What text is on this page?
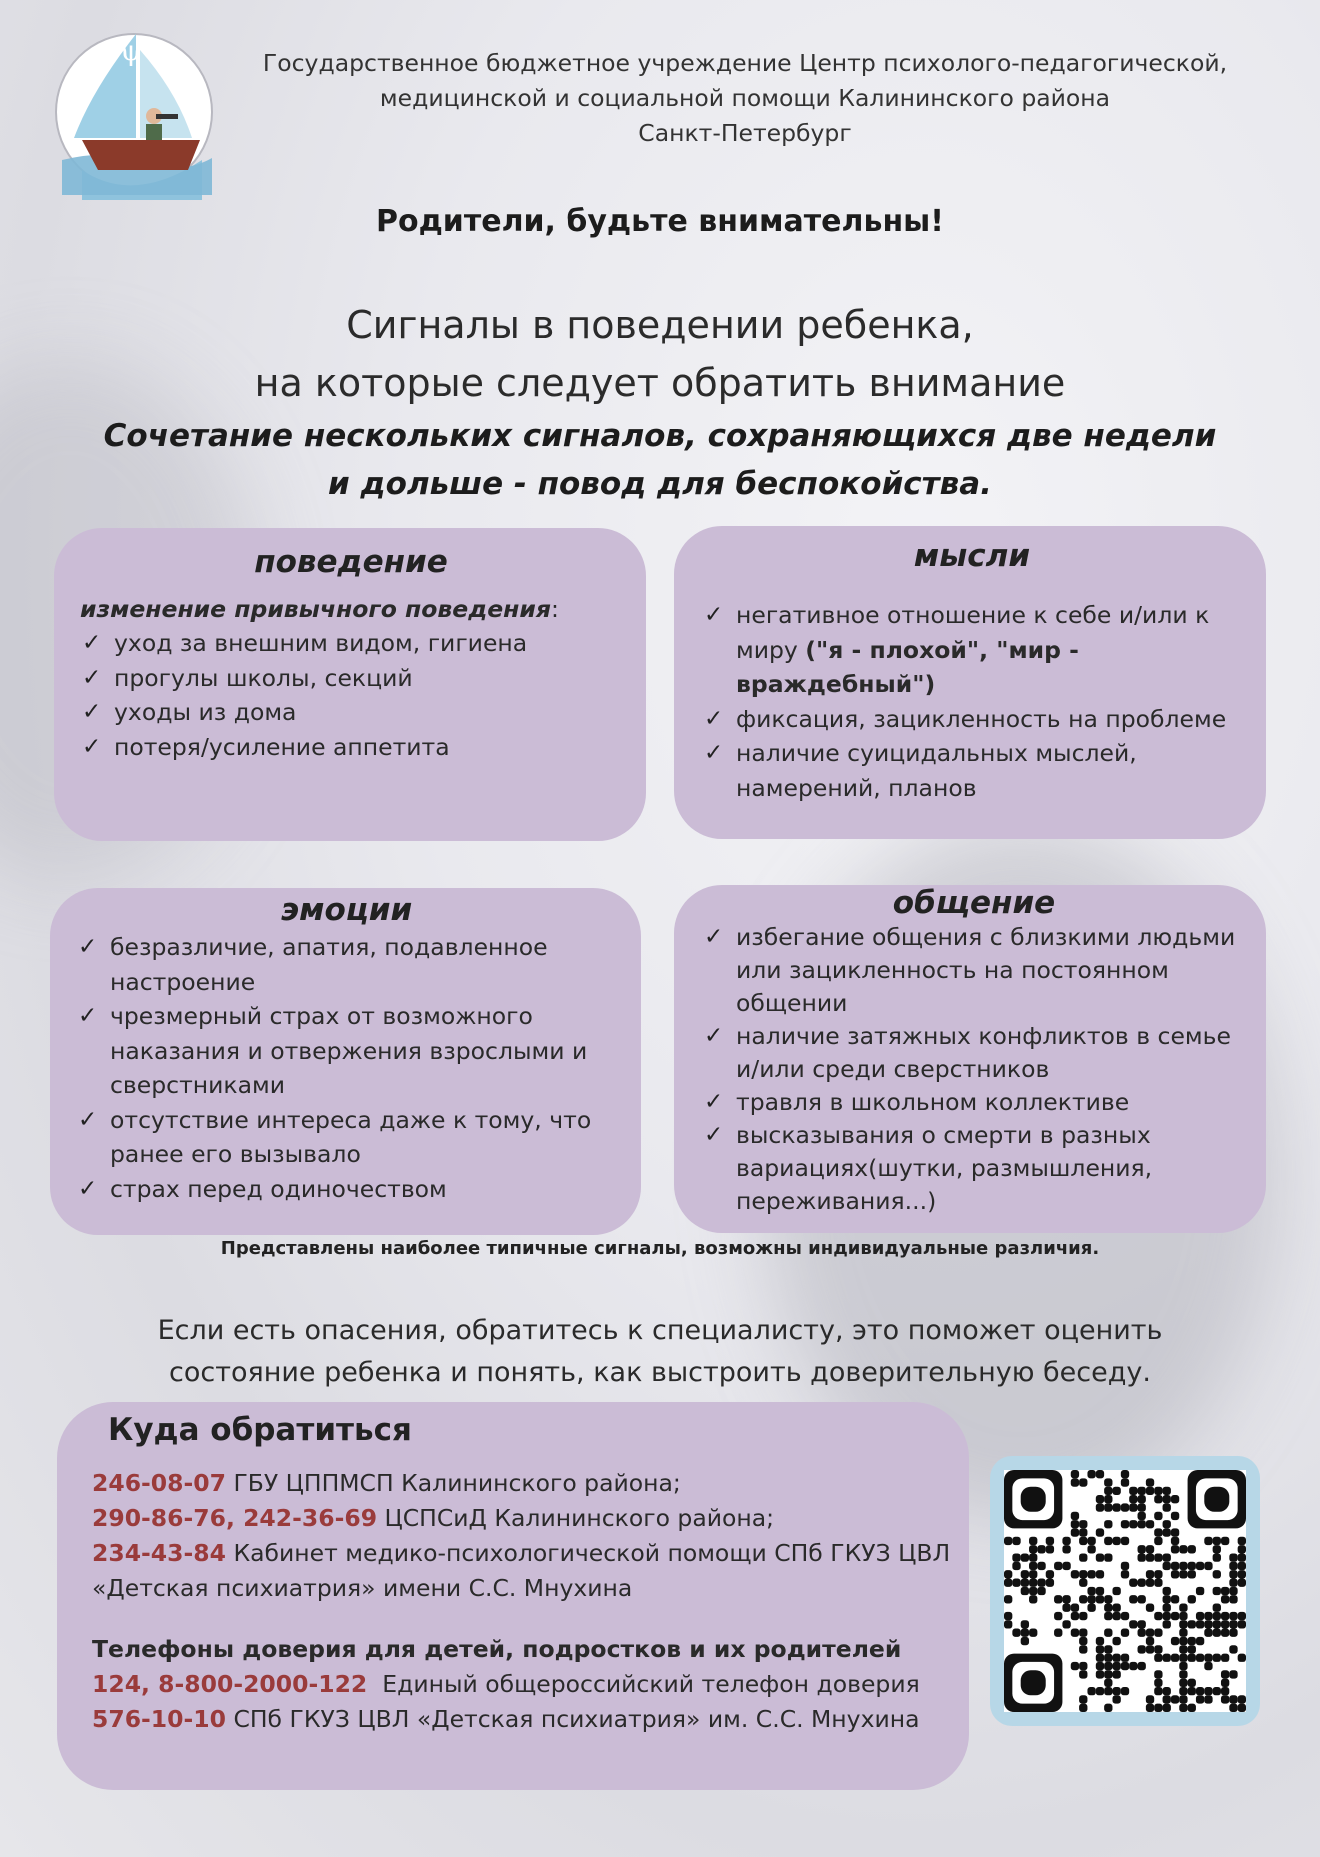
ψ	Государственное бюджетное учреждение Центр психолого-педагогической,
медицинской и социальной помощи Калининского района
Санкт-Петербург
Родители, будьте внимательны!
Сигналы в поведении ребенка,
на которые следует обратить внимание
Сочетание нескольких сигналов, сохраняющихся две недели
и дольше - повод для беспокойства.
поведение
изменение привычного поведения:
✓ уход за внешним видом, гигиена
✓ прогулы школы, секций
✓ уходы из дома
✓ потеря/усиление аппетита
мысли
✓ негативное отношение к себе и/или к миру ("я - плохой", "мир - враждебный")
✓ фиксация, зацикленность на проблеме
✓ наличие суицидальных мыслей, намерений, планов
эмоции
✓ безразличие, апатия, подавленное настроение
✓ чрезмерный страх от возможного наказания и отвержения взрослыми и сверстниками
✓ отсутствие интереса даже к тому, что ранее его вызывало
✓ страх перед одиночеством
общение
✓ избегание общения с близкими людьми или зацикленность на постоянном общении
✓ наличие затяжных конфликтов в семье и/или среди сверстников
✓ травля в школьном коллективе
✓ высказывания о смерти в разных вариациях(шутки, размышления, переживания...)
Представлены наиболее типичные сигналы, возможны индивидуальные различия.
Если есть опасения, обратитесь к специалисту, это поможет оценить
состояние ребенка и понять, как выстроить доверительную беседу.
Куда обратиться
246-08-07 ГБУ ЦППМСП Калининского района;
290-86-76, 242-36-69 ЦСПСиД Калининского района;
234-43-84 Кабинет медико-психологической помощи СПб ГКУЗ ЦВЛ
«Детская психиатрия» имени С.С. Мнухина
Телефоны доверия для детей, подростков и их родителей
124, 8-800-2000-122  Единый общероссийский телефон доверия
576-10-10 СПб ГКУЗ ЦВЛ «Детская психиатрия» им. С.С. Мнухина
